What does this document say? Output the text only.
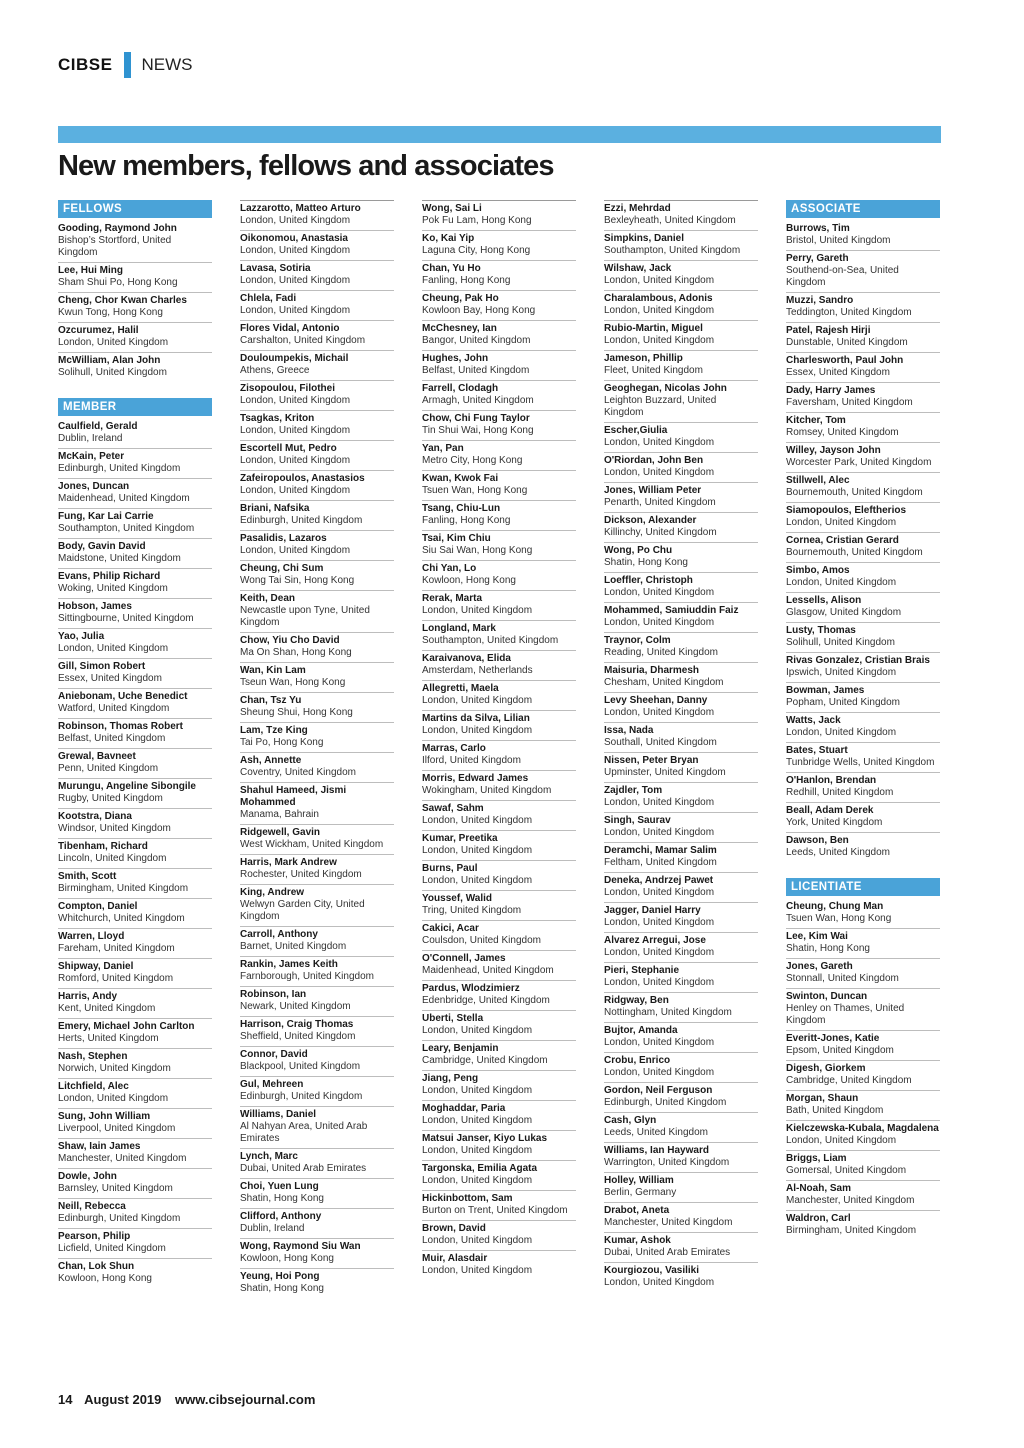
CIBSE NEWS
New members, fellows and associates
FELLOWS
Gooding, Raymond John
Bishop’s Stortford, United Kingdom
Lee, Hui Ming
Sham Shui Po, Hong Kong
Cheng, Chor Kwan Charles
Kwun Tong, Hong Kong
Ozcurumez, Halil
London, United Kingdom
McWilliam, Alan John
Solihull, United Kingdom
MEMBER
Caulfield, Gerald
Dublin, Ireland
McKain, Peter
Edinburgh, United Kingdom
Jones, Duncan
Maidenhead, United Kingdom
Fung, Kar Lai Carrie
Southampton, United Kingdom
Body, Gavin David
Maidstone, United Kingdom
Evans, Philip Richard
Woking, United Kingdom
Hobson, James
Sittingbourne, United Kingdom
Yao, Julia
London, United Kingdom
Gill, Simon Robert
Essex, United Kingdom
Aniebonam, Uche Benedict
Watford, United Kingdom
Robinson, Thomas Robert
Belfast, United Kingdom
Grewal, Bavneet
Penn, United Kingdom
Murungu, Angeline Sibongile
Rugby, United Kingdom
Kootstra, Diana
Windsor, United Kingdom
Tibenham, Richard
Lincoln, United Kingdom
Smith, Scott
Birmingham, United Kingdom
Compton, Daniel
Whitchurch, United Kingdom
Warren, Lloyd
Fareham, United Kingdom
Shipway, Daniel
Romford, United Kingdom
Harris, Andy
Kent, United Kingdom
Emery, Michael John Carlton
Herts, United Kingdom
Nash, Stephen
Norwich, United Kingdom
Litchfield, Alec
London, United Kingdom
Sung, John William
Liverpool, United Kingdom
Shaw, Iain James
Manchester, United Kingdom
Dowle, John
Barnsley, United Kingdom
Neill, Rebecca
Edinburgh, United Kingdom
Pearson, Philip
Licfield, United Kingdom
Chan, Lok Shun
Kowloon, Hong Kong
Lazzarotto, Matteo Arturo
London, United Kingdom
Oikonomou, Anastasia
London, United Kingdom
Lavasa, Sotiria
London, United Kingdom
Chlela, Fadi
London, United Kingdom
Flores Vidal, Antonio
Carshalton, United Kingdom
Douloumpekis, Michail
Athens, Greece
Zisopoulou, Filothei
London, United Kingdom
Tsagkas, Kriton
London, United Kingdom
Escortell Mut, Pedro
London, United Kingdom
Zafeiropoulos, Anastasios
London, United Kingdom
Briani, Nafsika
Edinburgh, United Kingdom
Pasalidis, Lazaros
London, United Kingdom
Cheung, Chi Sum
Wong Tai Sin, Hong Kong
Keith, Dean
Newcastle upon Tyne, United Kingdom
Chow, Yiu Cho David
Ma On Shan, Hong Kong
Wan, Kin Lam
Tseun Wan, Hong Kong
Chan, Tsz Yu
Sheung Shui, Hong Kong
Lam, Tze King
Tai Po, Hong Kong
Ash, Annette
Coventry, United Kingdom
Shahul Hameed, Jismi Mohammed
Manama, Bahrain
Ridgewell, Gavin
West Wickham, United Kingdom
Harris, Mark Andrew
Rochester, United Kingdom
King, Andrew
Welwyn Garden City, United Kingdom
Carroll, Anthony
Barnet, United Kingdom
Rankin, James Keith
Farnborough, United Kingdom
Robinson, Ian
Newark, United Kingdom
Harrison, Craig Thomas
Sheffield, United Kingdom
Connor, David
Blackpool, United Kingdom
Gul, Mehreen
Edinburgh, United Kingdom
Williams, Daniel
Al Nahyan Area, United Arab Emirates
Lynch, Marc
Dubai, United Arab Emirates
Choi, Yuen Lung
Shatin, Hong Kong
Clifford, Anthony
Dublin, Ireland
Wong, Raymond Siu Wan
Kowloon, Hong Kong
Yeung, Hoi Pong
Shatin, Hong Kong
Wong, Sai Li
Pok Fu Lam, Hong Kong
Ko, Kai Yip
Laguna City, Hong Kong
Chan, Yu Ho
Fanling, Hong Kong
Cheung, Pak Ho
Kowloon Bay, Hong Kong
McChesney, Ian
Bangor, United Kingdom
Hughes, John
Belfast, United Kingdom
Farrell, Clodagh
Armagh, United Kingdom
Chow, Chi Fung Taylor
Tin Shui Wai, Hong Kong
Yan, Pan
Metro City, Hong Kong
Kwan, Kwok Fai
Tsuen Wan, Hong Kong
Tsang, Chiu-Lun
Fanling, Hong Kong
Tsai, Kim Chiu
Siu Sai Wan, Hong Kong
Chi Yan, Lo
Kowloon, Hong Kong
Rerak, Marta
London, United Kingdom
Longland, Mark
Southampton, United Kingdom
Karaivanova, Elida
Amsterdam, Netherlands
Allegretti, Maela
London, United Kingdom
Martins da Silva, Lilian
London, United Kingdom
Marras, Carlo
Ilford, United Kingdom
Morris, Edward James
Wokingham, United Kingdom
Sawaf, Sahm
London, United Kingdom
Kumar, Preetika
London, United Kingdom
Burns, Paul
London, United Kingdom
Youssef, Walid
Tring, United Kingdom
Cakici, Acar
Coulsdon, United Kingdom
O'Connell, James
Maidenhead, United Kingdom
Pardus, Wlodzimierz
Edenbridge, United Kingdom
Uberti, Stella
London, United Kingdom
Leary, Benjamin
Cambridge, United Kingdom
Jiang, Peng
London, United Kingdom
Moghaddar, Paria
London, United Kingdom
Matsui Janser, Kiyo Lukas
London, United Kingdom
Targonska, Emilia Agata
London, United Kingdom
Hickinbottom, Sam
Burton on Trent, United Kingdom
Brown, David
London, United Kingdom
Muir, Alasdair
London, United Kingdom
Ezzi, Mehrdad
Bexleyheath, United Kingdom
Simpkins, Daniel
Southampton, United Kingdom
Wilshaw, Jack
London, United Kingdom
Charalambous, Adonis
London, United Kingdom
Rubio-Martin, Miguel
London, United Kingdom
Jameson, Phillip
Fleet, United Kingdom
Geoghegan, Nicolas John
Leighton Buzzard, United Kingdom
Escher,Giulia
London, United Kingdom
O'Riordan, John Ben
London, United Kingdom
Jones, William Peter
Penarth, United Kingdom
Dickson, Alexander
Killinchy, United Kingdom
Wong, Po Chu
Shatin, Hong Kong
Loeffler, Christoph
London, United Kingdom
Mohammed, Samiuddin Faiz
London, United Kingdom
Traynor, Colm
Reading, United Kingdom
Maisuria, Dharmesh
Chesham, United Kingdom
Levy Sheehan, Danny
London, United Kingdom
Issa, Nada
Southall, United Kingdom
Nissen, Peter Bryan
Upminster, United Kingdom
Zajdler, Tom
London, United Kingdom
Singh, Saurav
London, United Kingdom
Deramchi, Mamar Salim
Feltham, United Kingdom
Deneka, Andrzej Pawet
London, United Kingdom
Jagger, Daniel Harry
London, United Kingdom
Alvarez Arregui, Jose
London, United Kingdom
Pieri, Stephanie
London, United Kingdom
Ridgway, Ben
Nottingham, United Kingdom
Bujtor, Amanda
London, United Kingdom
Crobu, Enrico
London, United Kingdom
Gordon, Neil Ferguson
Edinburgh, United Kingdom
Cash, Glyn
Leeds, United Kingdom
Williams, Ian Hayward
Warrington, United Kingdom
Holley, William
Berlin, Germany
Drabot, Aneta
Manchester, United Kingdom
Kumar, Ashok
Dubai, United Arab Emirates
Kourgiozou, Vasiliki
London, United Kingdom
ASSOCIATE
Burrows, Tim
Bristol, United Kingdom
Perry, Gareth
Southend-on-Sea, United Kingdom
Muzzi, Sandro
Teddington, United Kingdom
Patel, Rajesh Hirji
Dunstable, United Kingdom
Charlesworth, Paul John
Essex, United Kingdom
Dady, Harry James
Faversham, United Kingdom
Kitcher, Tom
Romsey, United Kingdom
Willey, Jayson John
Worcester Park, United Kingdom
Stillwell, Alec
Bournemouth, United Kingdom
Siamopoulos, Eleftherios
London, United Kingdom
Cornea, Cristian Gerard
Bournemouth, United Kingdom
Simbo, Amos
London, United Kingdom
Lessells, Alison
Glasgow, United Kingdom
Lusty, Thomas
Solihull, United Kingdom
Rivas Gonzalez, Cristian Brais
Ipswich, United Kingdom
Bowman, James
Popham, United Kingdom
Watts, Jack
London, United Kingdom
Bates, Stuart
Tunbridge Wells, United Kingdom
O'Hanlon, Brendan
Redhill, United Kingdom
Beall, Adam Derek
York, United Kingdom
Dawson, Ben
Leeds, United Kingdom
LICENTIATE
Cheung, Chung Man
Tsuen Wan, Hong Kong
Lee, Kim Wai
Shatin, Hong Kong
Jones, Gareth
Stonnall, United Kingdom
Swinton, Duncan
Henley on Thames, United Kingdom
Everitt-Jones, Katie
Epsom, United Kingdom
Digesh, Giorkem
Cambridge, United Kingdom
Morgan, Shaun
Bath, United Kingdom
Kielczewska-Kubala, Magdalena
London, United Kingdom
Briggs, Liam
Gomersal, United Kingdom
Al-Noah, Sam
Manchester, United Kingdom
Waldron, Carl
Birmingham, United Kingdom
14 August 2019 www.cibsejournal.com
